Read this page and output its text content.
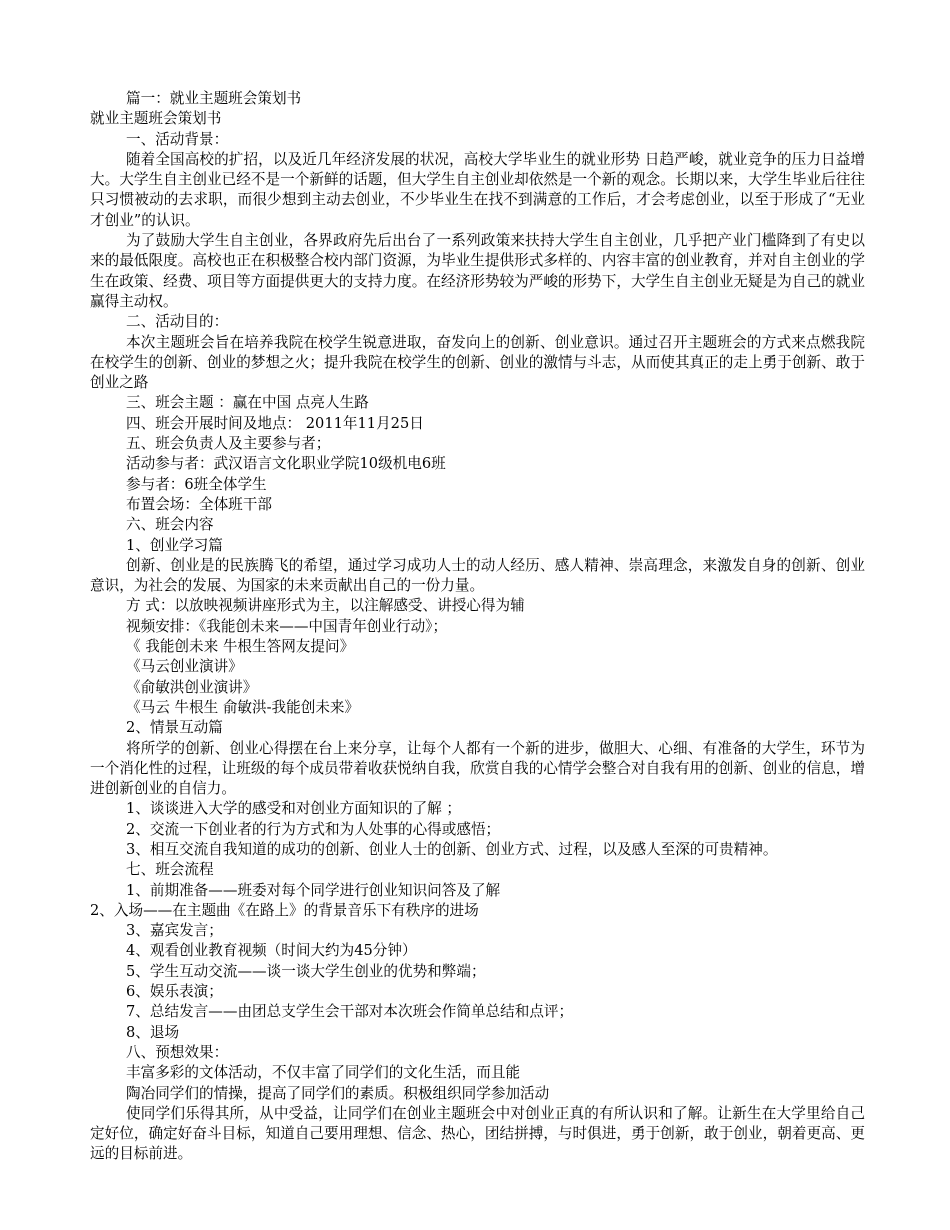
篇一：就业主题班会策划书
就业主题班会策划书
一、活动背景：
随着全国高校的扩招，以及近几年经济发展的状况，高校大学毕业生的就业形势 日趋严峻，就业竞争的压力日益增大。大学生自主创业已经不是一个新鲜的话题，但大学生自主创业却依然是一个新的观念。长期以来，大学生毕业后往往只习惯被动的去求职，而很少想到主动去创业，不少毕业生在找不到满意的工作后，才会考虑创业，以至于形成了“无业才创业”的认识。
为了鼓励大学生自主创业，各界政府先后出台了一系列政策来扶持大学生自主创业，几乎把产业门槛降到了有史以来的最低限度。高校也正在积极整合校内部门资源，为毕业生提供形式多样的、内容丰富的创业教育，并对自主创业的学生在政策、经费、项目等方面提供更大的支持力度。在经济形势较为严峻的形势下，大学生自主创业无疑是为自己的就业赢得主动权。
二、活动目的：
本次主题班会旨在培养我院在校学生锐意进取，奋发向上的创新、创业意识。通过召开主题班会的方式来点燃我院在校学生的创新、创业的梦想之火；提升我院在校学生的创新、创业的激情与斗志，从而使其真正的走上勇于创新、敢于创业之路
三、班会主题 ：赢在中国 点亮人生路
四、班会开展时间及地点： 2011年11月25日
五、班会负责人及主要参与者；
活动参与者：武汉语言文化职业学院10级机电6班
参与者：6班全体学生
布置会场：全体班干部
六、班会内容
1、创业学习篇
创新、创业是的民族腾飞的希望，通过学习成功人士的动人经历、感人精神、崇高理念，来激发自身的创新、创业意识，为社会的发展、为国家的未来贡献出自己的一份力量。
方 式：以放映视频讲座形式为主，以注解感受、讲授心得为辅
视频安排：《我能创未来——中国青年创业行动》；
《 我能创未来 牛根生答网友提问》
《马云创业演讲》
《俞敏洪创业演讲》
《马云 牛根生 俞敏洪-我能创未来》
2、情景互动篇
将所学的创新、创业心得摆在台上来分享，让每个人都有一个新的进步，做胆大、心细、有准备的大学生，环节为一个消化性的过程，让班级的每个成员带着收获悦纳自我，欣赏自我的心情学会整合对自我有用的创新、创业的信息，增进创新创业的自信力。
1、谈谈进入大学的感受和对创业方面知识的了解 ；
2、交流一下创业者的行为方式和为人处事的心得或感悟；
3、相互交流自我知道的成功的创新、创业人士的创新、创业方式、过程，以及感人至深的可贵精神。
七、班会流程
1、前期准备——班委对每个同学进行创业知识问答及了解
2、入场——在主题曲《在路上》的背景音乐下有秩序的进场
3、嘉宾发言；
4、观看创业教育视频（时间大约为45分钟）
5、学生互动交流——谈一谈大学生创业的优势和弊端；
6、娱乐表演；
7、总结发言——由团总支学生会干部对本次班会作简单总结和点评；
8、退场
八、预想效果：
丰富多彩的文体活动，不仅丰富了同学们的文化生活，而且能
陶冶同学们的情操，提高了同学们的素质。积极组织同学参加活动
使同学们乐得其所，从中受益，让同学们在创业主题班会中对创业正真的有所认识和了解。让新生在大学里给自己定好位，确定好奋斗目标，知道自己要用理想、信念、热心，团结拼搏，与时俱进，勇于创新，敢于创业，朝着更高、更远的目标前进。
